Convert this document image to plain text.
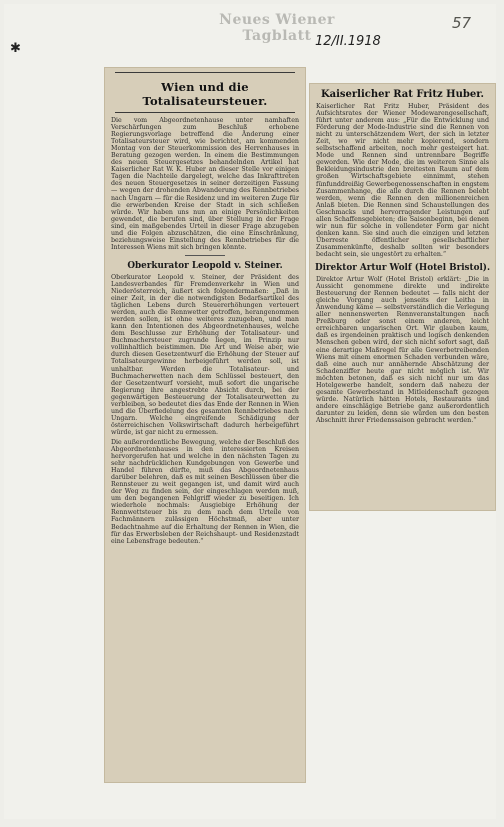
✱
Neues Wiener Tagblatt
57
12/II.1918
Wien und die Totalisateursteuer.

Die vom Abgeordnetenhause unter namhaften Verschärfungen zum Beschluß erhobene Regierungsvorlage betreffend die Änderung einer Totalisateursteuer wird, wie berichtet, am kommenden Montag von der Steuerkommission des Herrenhauses in Beratung gezogen werden. In einem die Bestimmungen des neuen Steuergesetzes behandelnden Artikel hat Kaiserlicher Rat W. K. Huber an dieser Stelle vor einigen Tagen die Nachteile dargelegt, welche das Inkrafttreten des neuen Steuergesetzes in seiner derzeitigen Fassung — wegen der drohenden Abwanderung des Rennbetriebes nach Ungarn — für die Residenz und im weiteren Zuge für die erwerbenden Kreise der Stadt in sich schließen würde. Wir haben uns nun an einige Persönlichkeiten gewendet, die berufen sind, über Stellung in der Frage sind, ein maßgebendes Urteil in dieser Frage abzugeben und die Folgen abzuschätzen, die eine Einschränkung, beziehungsweise Einstellung des Rennbetriebes für die Interessen Wiens mit sich bringen könnte.

Oberkurator Leopold v. Steiner.

Oberkurator Leopold v. Steiner, der Präsident des Landesverbandes für Fremdenverkehr in Wien und Niederösterreich, äußert sich folgendermaßen: „Daß in einer Zeit, in der die notwendigsten Bedarfsartikel des täglichen Lebens durch Steuererhöhungen verteuert werden, auch die Rennwetter getroffen, herangenommen werden sollen, ist ohne weiteres zuzugeben, und man kann den Intentionen des Abgeordnetenhauses, welche dem Beschlusse zur Erhöhung der Totalisateur- und Buchmachersteuer zugrunde liegen, im Prinzip nur vollinhaltlich beistimmen. Die Art und Weise aber, wie durch diesen Gesetzentwurf die Erhöhung der Steuer auf Totalisateurgewinne herbeigeführt werden soll, ist unhaltbar. Werden die Totalisateur- und Buchmacherwetten nach dem Schlüssel besteuert, den der Gesetzentwurf vorsieht, muß sofort die ungarische Regierung ihre angestrebte Absicht durch, bei der gegenwärtigen Besteuerung der Totalisateurwetten zu verbleiben, so bedeutet dies das Ende der Rennen in Wien und die Überfiedelung des gesamten Rennbetriebes nach Ungarn. Welche eingreifende Schädigung der österreichischen Volkswirtschaft dadurch herbeigeführt würde, ist gar nicht zu ermessen.

Die außerordentliche Bewegung, welche der Beschluß des Abgeordnetenhauses in den interessierten Kreisen hervorgerufen hat und welche in den nächsten Tagen zu sehr nachdrücklichen Kundgebungen von Gewerbe und Handel führen dürfte, muß das Abgeordnetenhaus darüber belehren, daß es mit seinen Beschlüssen über die Rennsteuer zu weit gegangen ist, und damit wird auch der Weg zu finden sein, der eingeschlagen werden muß, um den begangenen Fehlgriff wieder zu beseitigen. Ich wiederhole nochmals: Ausgiebige Erhöhung der Rennwettsteuer bis zu dem nach dem Urteile von Fachmännern zulässigen Höchstmaß, aber unter Bedachtnahme auf die Erhaltung der Rennen in Wien, die für das Erwerbsleben der Reichshaupt- und Residenzstadt eine Lebensfrage bedeuten.“

Kaiserlicher Rat Fritz Huber.

Kaiserlicher Rat Fritz Huber, Präsident des Aufsichtsrates der Wiener Modewarengesellschaft, führt unter anderem aus: „Für die Entwicklung und Förderung der Mode-Industrie sind die Rennen von nicht zu unterschätzendem Wert, der sich in letzter Zeit, wo wir nicht mehr kopierend, sondern selbstschaffend arbeiten, noch mehr gesteigert hat. Mode und Rennen sind untrennbare Begriffe geworden. Wie der Mode, die im weiteren Sinne als Bekleidungsindustrie den breitesten Raum auf dem großen Wirtschaftsgebiete einnimmt, stehen fünfunddreißig Gewerbegenossenschaften in engstem Zusammenhange, die alle durch die Rennen belebt werden, wenn die Rennen den millionenreichen Anlaß bieten. Die Rennen sind Schaustellungen des Geschmacks und hervorragender Leistungen auf allen Schaffensgebieten; die Saisonbeginn, bei denen wir nun für solche in vollendeter Form gar nicht denken kann. Sie sind auch die einzigen und letzten Überreste öffentlicher gesellschaftlicher Zusammenkünfte, deshalb sollten wir besonders bedacht sein, sie ungestört zu erhalten.“

Direktor Artur Wolf (Hotel Bristol).

Direktor Artur Wolf (Hotel Bristol) erklärt: „Die in Aussicht genommene direkte und indirekte Besteuerung der Rennen bedeutet — falls nicht der gleiche Vorgang auch jenseits der Leitha in Anwendung käme — selbstverständlich die Verlegung aller nennenswerten Rennveranstaltungen nach Preßburg oder sonst einem anderen, leicht erreichbaren ungarischen Ort. Wir glauben kaum, daß es irgendeinen praktisch und logisch denkenden Menschen geben wird, der sich nicht sofort sagt, daß eine derartige Maßregel für alle Gewerbetreibenden Wiens mit einem enormen Schaden verbunden wäre, daß eine auch nur annähernde Abschätzung der Schadenziffer heute gar nicht möglich ist. Wir möchten betonen, daß es sich nicht nur um das Hotelgewerbe handelt, sondern daß nahezu der gesamte Gewerbestand in Mitleidenschaft gezogen würde. Natürlich hätten Hotels, Restaurants und andere einschlägige Betriebe ganz außerordentlich darunter zu leiden, denn sie würden um den besten Abschnitt ihrer Friedenssaison gebracht werden.“
